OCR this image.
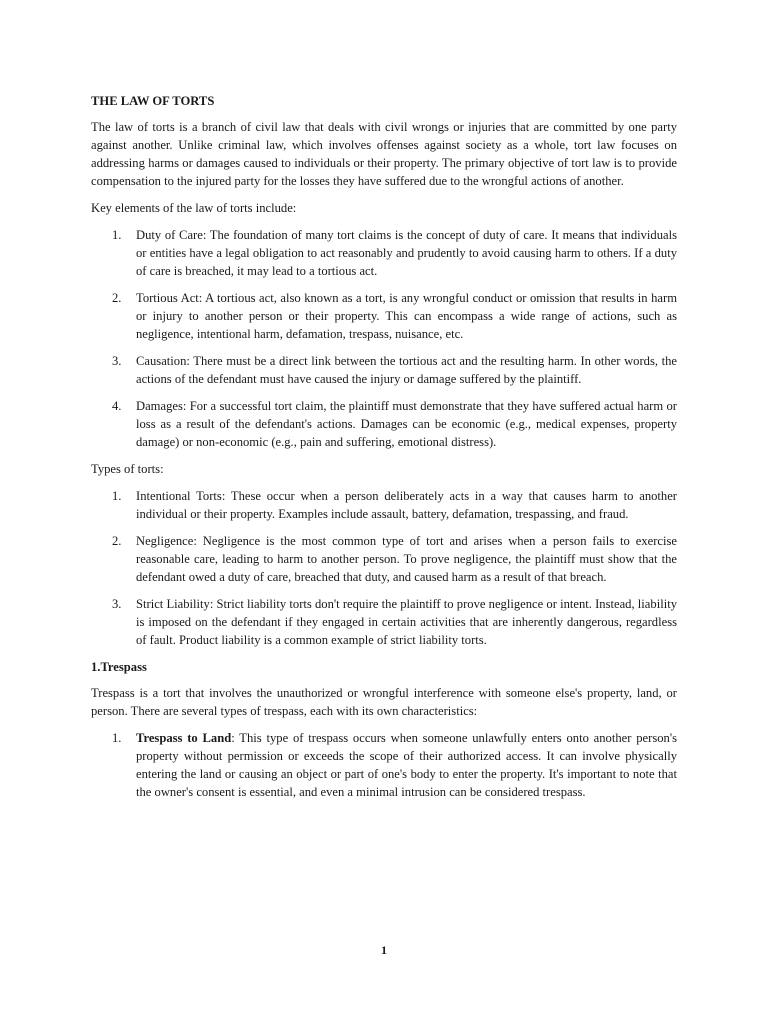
THE LAW OF TORTS

The law of torts is a branch of civil law that deals with civil wrongs or injuries that are committed by one party against another. Unlike criminal law, which involves offenses against society as a whole, tort law focuses on addressing harms or damages caused to individuals or their property. The primary objective of tort law is to provide compensation to the injured party for the losses they have suffered due to the wrongful actions of another.

Key elements of the law of torts include:

1. Duty of Care: The foundation of many tort claims is the concept of duty of care. It means that individuals or entities have a legal obligation to act reasonably and prudently to avoid causing harm to others. If a duty of care is breached, it may lead to a tortious act.
2. Tortious Act: A tortious act, also known as a tort, is any wrongful conduct or omission that results in harm or injury to another person or their property. This can encompass a wide range of actions, such as negligence, intentional harm, defamation, trespass, nuisance, etc.
3. Causation: There must be a direct link between the tortious act and the resulting harm. In other words, the actions of the defendant must have caused the injury or damage suffered by the plaintiff.
4. Damages: For a successful tort claim, the plaintiff must demonstrate that they have suffered actual harm or loss as a result of the defendant's actions. Damages can be economic (e.g., medical expenses, property damage) or non-economic (e.g., pain and suffering, emotional distress).

Types of torts:

1. Intentional Torts: These occur when a person deliberately acts in a way that causes harm to another individual or their property. Examples include assault, battery, defamation, trespassing, and fraud.
2. Negligence: Negligence is the most common type of tort and arises when a person fails to exercise reasonable care, leading to harm to another person. To prove negligence, the plaintiff must show that the defendant owed a duty of care, breached that duty, and caused harm as a result of that breach.
3. Strict Liability: Strict liability torts don't require the plaintiff to prove negligence or intent. Instead, liability is imposed on the defendant if they engaged in certain activities that are inherently dangerous, regardless of fault. Product liability is a common example of strict liability torts.
1.Trespass

Trespass is a tort that involves the unauthorized or wrongful interference with someone else's property, land, or person. There are several types of trespass, each with its own characteristics:

1. Trespass to Land: This type of trespass occurs when someone unlawfully enters onto another person's property without permission or exceeds the scope of their authorized access. It can involve physically entering the land or causing an object or part of one's body to enter the property. It's important to note that the owner's consent is essential, and even a minimal intrusion can be considered trespass.
1
